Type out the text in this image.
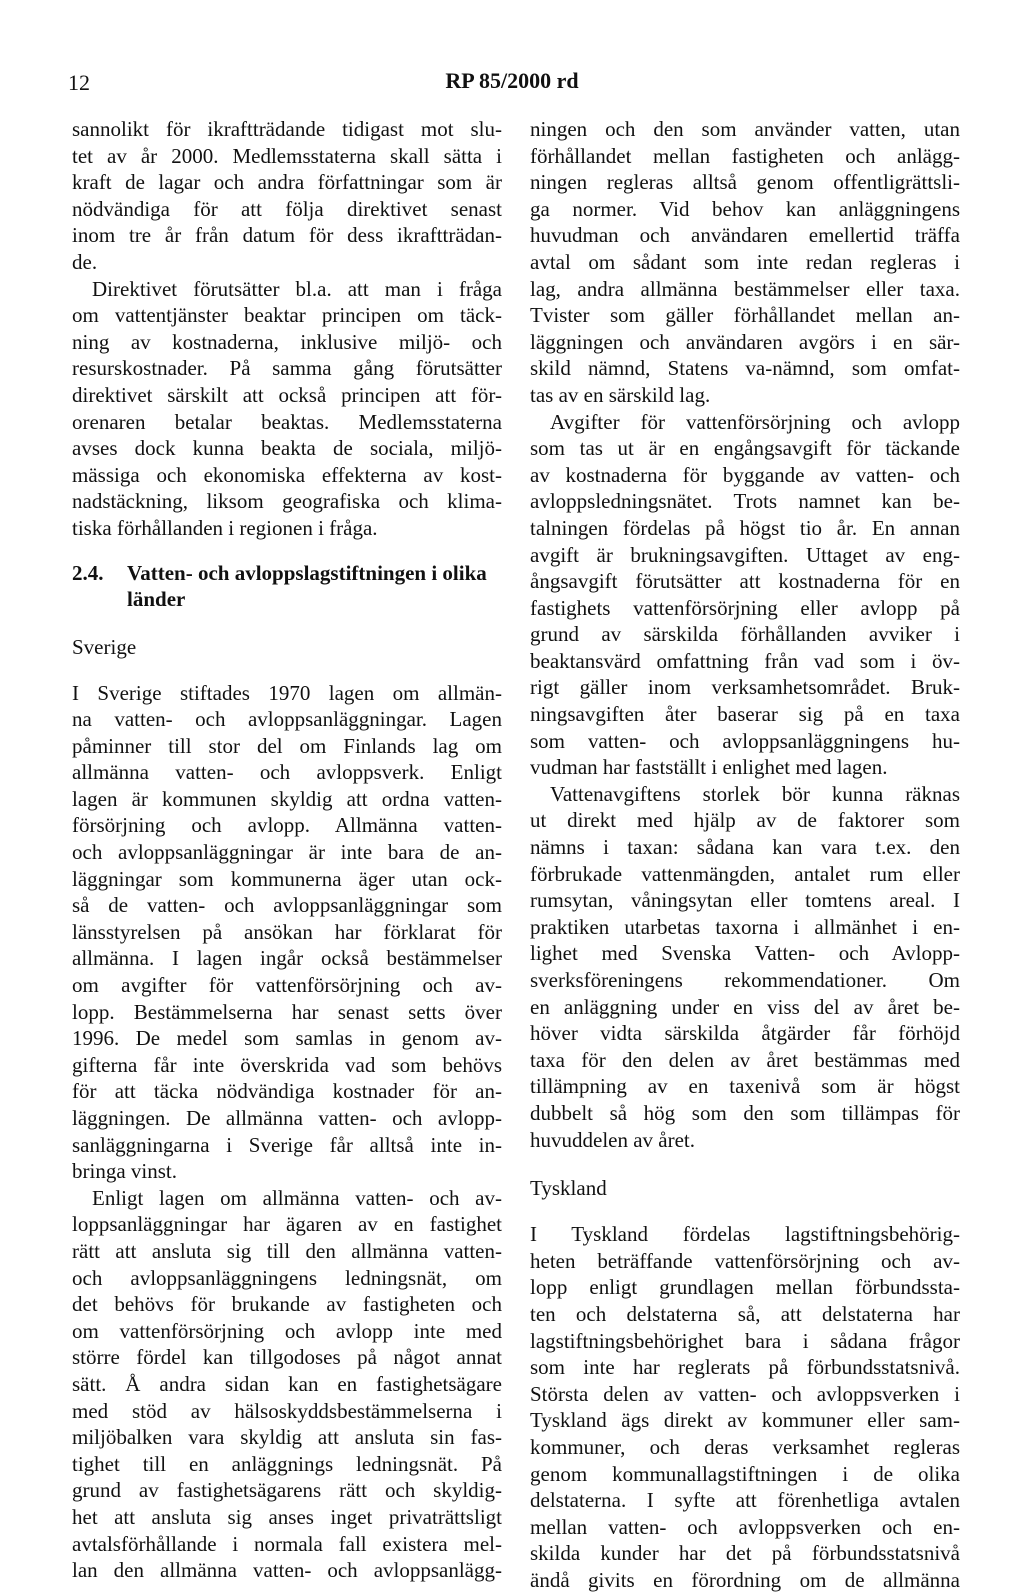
12	RP 85/2000 rd
sannolikt för ikraftträdande tidigast mot slu-
tet av år 2000. Medlemsstaterna skall sätta i
kraft de lagar och andra författningar som är
nödvändiga för att följa direktivet senast
inom tre år från datum för dess ikraftträdan-
de.
Direktivet förutsätter bl.a. att man i fråga
om vattentjänster beaktar principen om täck-
ning av kostnaderna, inklusive miljö- och
resurskostnader. På samma gång förutsätter
direktivet särskilt att också principen att för-
orenaren betalar beaktas. Medlemsstaterna
avses dock kunna beakta de sociala, miljö-
mässiga och ekonomiska effekterna av kost-
nadstäckning, liksom geografiska och klima-
tiska förhållanden i regionen i fråga.
2.4.	Vatten- och avloppslagstiftningen i olika länder
Sverige
I Sverige stiftades 1970 lagen om allmän-
na vatten- och avloppsanläggningar. Lagen
påminner till stor del om Finlands lag om
allmänna vatten- och avloppsverk. Enligt
lagen är kommunen skyldig att ordna vatten-
försörjning och avlopp. Allmänna vatten-
och avloppsanläggningar är inte bara de an-
läggningar som kommunerna äger utan ock-
så de vatten- och avloppsanläggningar som
länsstyrelsen på ansökan har förklarat för
allmänna. I lagen ingår också bestämmelser
om avgifter för vattenförsörjning och av-
lopp. Bestämmelserna har senast setts över
1996. De medel som samlas in genom av-
gifterna får inte överskrida vad som behövs
för att täcka nödvändiga kostnader för an-
läggningen. De allmänna vatten- och avlopp-
sanläggningarna i Sverige får alltså inte in-
bringa vinst.
Enligt lagen om allmänna vatten- och av-
loppsanläggningar har ägaren av en fastighet
rätt att ansluta sig till den allmänna vatten-
och avloppsanläggningens ledningsnät, om
det behövs för brukande av fastigheten och
om vattenförsörjning och avlopp inte med
större fördel kan tillgodoses på något annat
sätt. Å andra sidan kan en fastighetsägare
med stöd av hälsoskyddsbestämmelserna i
miljöbalken vara skyldig att ansluta sin fas-
tighet till en anläggnings ledningsnät. På
grund av fastighetsägarens rätt och skyldig-
het att ansluta sig anses inget privaträttsligt
avtalsförhållande i normala fall existera mel-
lan den allmänna vatten- och avloppsanlägg-
ningen och den som använder vatten, utan
förhållandet mellan fastigheten och anlägg-
ningen regleras alltså genom offentligrättsli-
ga normer. Vid behov kan anläggningens
huvudman och användaren emellertid träffa
avtal om sådant som inte redan regleras i
lag, andra allmänna bestämmelser eller taxa.
Tvister som gäller förhållandet mellan an-
läggningen och användaren avgörs i en sär-
skild nämnd, Statens va-nämnd, som omfat-
tas av en särskild lag.
Avgifter för vattenförsörjning och avlopp
som tas ut är en engångsavgift för täckande
av kostnaderna för byggande av vatten- och
avloppsledningsnätet. Trots namnet kan be-
talningen fördelas på högst tio år. En annan
avgift är brukningsavgiften. Uttaget av eng-
ångsavgift förutsätter att kostnaderna för en
fastighets vattenförsörjning eller avlopp på
grund av särskilda förhållanden avviker i
beaktansvärd omfattning från vad som i öv-
rigt gäller inom verksamhetsområdet. Bruk-
ningsavgiften åter baserar sig på en taxa
som vatten- och avloppsanläggningens hu-
vudman har fastställt i enlighet med lagen.
Vattenavgiftens storlek bör kunna räknas
ut direkt med hjälp av de faktorer som
nämns i taxan: sådana kan vara t.ex. den
förbrukade vattenmängden, antalet rum eller
rumsytan, våningsytan eller tomtens areal. I
praktiken utarbetas taxorna i allmänhet i en-
lighet med Svenska Vatten- och Avlopp-
sverksföreningens rekommendationer. Om
en anläggning under en viss del av året be-
höver vidta särskilda åtgärder får förhöjd
taxa för den delen av året bestämmas med
tillämpning av en taxenivå som är högst
dubbelt så hög som den som tillämpas för
huvuddelen av året.
Tyskland
I Tyskland fördelas lagstiftningsbehörig-
heten beträffande vattenförsörjning och av-
lopp enligt grundlagen mellan förbundssta-
ten och delstaterna så, att delstaterna har
lagstiftningsbehörighet bara i sådana frågor
som inte har reglerats på förbundsstatsnivå.
Största delen av vatten- och avloppsverken i
Tyskland ägs direkt av kommuner eller sam-
kommuner, och deras verksamhet regleras
genom kommunallagstiftningen i de olika
delstaterna. I syfte att förenhetliga avtalen
mellan vatten- och avloppsverken och en-
skilda kunder har det på förbundsstatsnivå
ändå givits en förordning om de allmänna
